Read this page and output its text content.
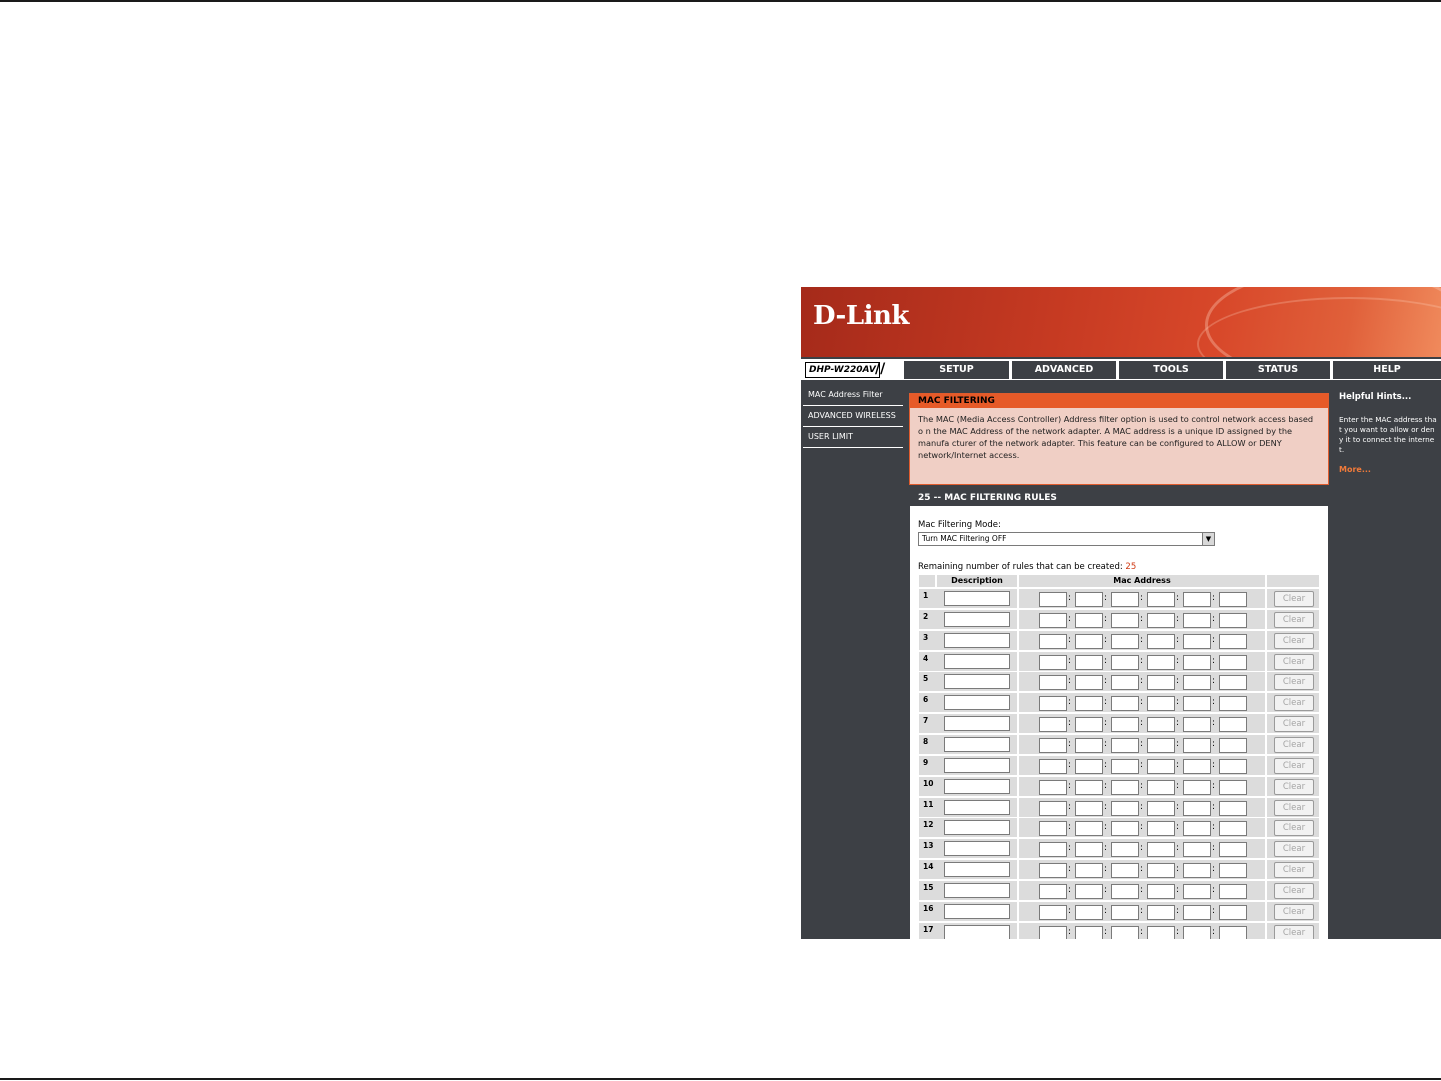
D-Link
DHP-W220AV //	SETUP	ADVANCED	TOOLS	STATUS	HELP
MAC Address Filter
ADVANCED WIRELESS
USER LIMIT
MAC FILTERING
The MAC (Media Access Controller) Address filter option is used to control network access based o n the MAC Address of the network adapter. A MAC address is a unique ID assigned by the manufa cturer of the network adapter. This feature can be configured to ALLOW or DENY network/Internet access.
25 -- MAC FILTERING RULES
Mac Filtering Mode:
Turn MAC Filtering OFF	▼
Remaining number of rules that can be created: 25
Description	Mac Address
1	:	:	:	:	:	Clear
2	:	:	:	:	:	Clear
3	:	:	:	:	:	Clear
4	:	:	:	:	:	Clear
5	:	:	:	:	:	Clear
6	:	:	:	:	:	Clear
7	:	:	:	:	:	Clear
8	:	:	:	:	:	Clear
9	:	:	:	:	:	Clear
10	:	:	:	:	:	Clear
11	:	:	:	:	:	Clear
12	:	:	:	:	:	Clear
13	:	:	:	:	:	Clear
14	:	:	:	:	:	Clear
15	:	:	:	:	:	Clear
16	:	:	:	:	:	Clear
17	:	:	:	:	:	Clear
Helpful Hints...
Enter the MAC address that you want to allow or deny it to connect the internet.
More...
